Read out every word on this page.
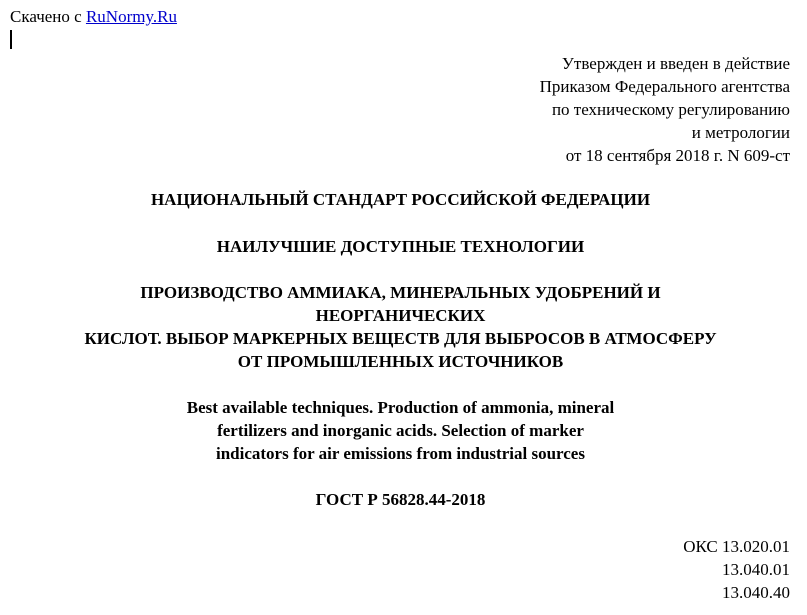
Скачено с RuNormy.Ru
Утвержден и введен в действие
Приказом Федерального агентства
по техническому регулированию
и метрологии
от 18 сентября 2018 г. N 609-ст
НАЦИОНАЛЬНЫЙ СТАНДАРТ РОССИЙСКОЙ ФЕДЕРАЦИИ
НАИЛУЧШИЕ ДОСТУПНЫЕ ТЕХНОЛОГИИ
ПРОИЗВОДСТВО АММИАКА, МИНЕРАЛЬНЫХ УДОБРЕНИЙ И
НЕОРГАНИЧЕСКИХ
КИСЛОТ. ВЫБОР МАРКЕРНЫХ ВЕЩЕСТВ ДЛЯ ВЫБРОСОВ В АТМОСФЕРУ
ОТ ПРОМЫШЛЕННЫХ ИСТОЧНИКОВ
Best available techniques. Production of ammonia, mineral
fertilizers and inorganic acids. Selection of marker
indicators for air emissions from industrial sources
ГОСТ Р 56828.44-2018
ОКС 13.020.01
13.040.01
13.040.40
